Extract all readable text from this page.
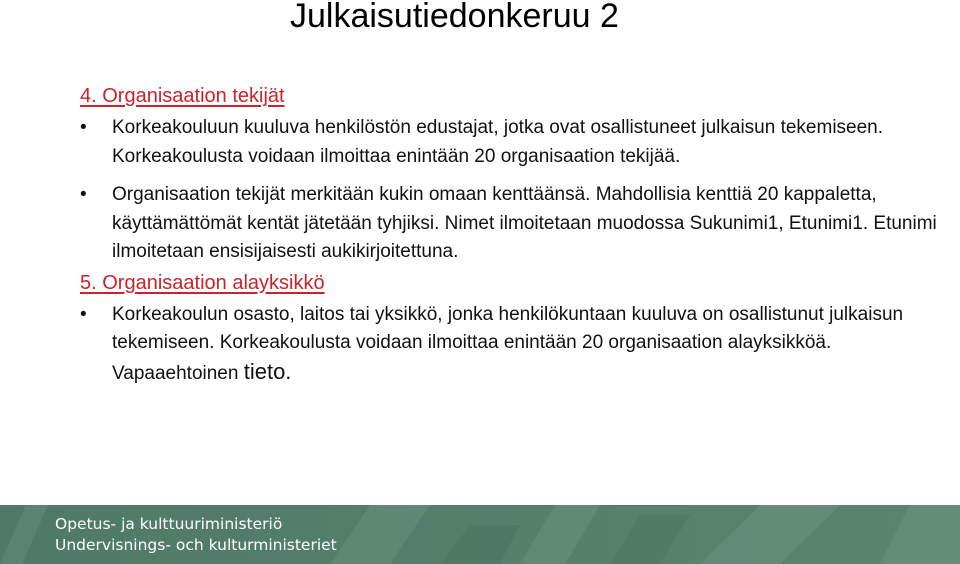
Julkaisutiedonkeruu 2
4. Organisaation tekijät
•	Korkeakouluun kuuluva henkilöstön edustajat, jotka ovat osallistuneet julkaisun tekemiseen. Korkeakoulusta voidaan ilmoittaa enintään 20 organisaation tekijää.
•	Organisaation tekijät merkitään kukin omaan kenttäänsä. Mahdollisia kenttiä 20 kappaletta, käyttämättömät kentät jätetään tyhjiksi. Nimet ilmoitetaan muodossa Sukunimi1, Etunimi1. Etunimi ilmoitetaan ensisijaisesti aukikirjoitettuna.
5. Organisaation alayksikkö
•	Korkeakoulun osasto, laitos tai yksikkö, jonka henkilökuntaan kuuluva on osallistunut julkaisun tekemiseen. Korkeakoulusta voidaan ilmoittaa enintään 20 organisaation alayksikköä. Vapaaehtoinen tieto.
Opetus- ja kulttuuriministeriö
Undervisnings- och kulturministeriet
